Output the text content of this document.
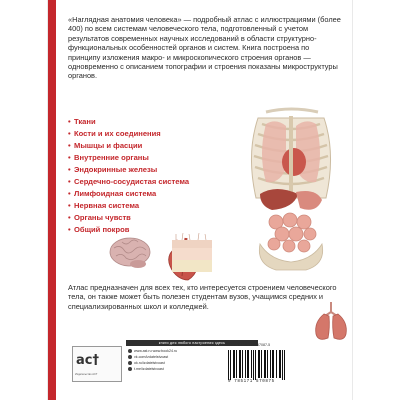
«Наглядная анатомия человека» — подробный атлас с иллюстрациями (более 400) по всем системам человеческого тела, подготовленный с учетом результатов современных научных исследований в области структурно-функциональных особенностей органов и систем. Книга построена по принципу изложения макро- и микроскопического строения органов — одновременно с описанием топографии и строения показаны микроструктуры органов.

• Ткани
• Кости и их соединения
• Мышцы и фасции
• Внутренние органы
• Эндокринные железы
• Сердечно-сосудистая система
• Лимфоидная система
• Нервная система
• Органы чувств
• Общий покров

Атлас предназначен для всех тех, кто интересуется строением человеческого тела, он также может быть полезен студентам вузов, учащимся средних и специализированных школ и колледжей.

книги для любого настроения здесь
ac†
Издательство АСТ
www.ast.ru www.book24.ru
vk.com/izdatelstvoast
ok.ru/izdatelstvoast
t.me/izdatelstvoast
ISBN 978-5-17-157087-5
9 785171 570875
